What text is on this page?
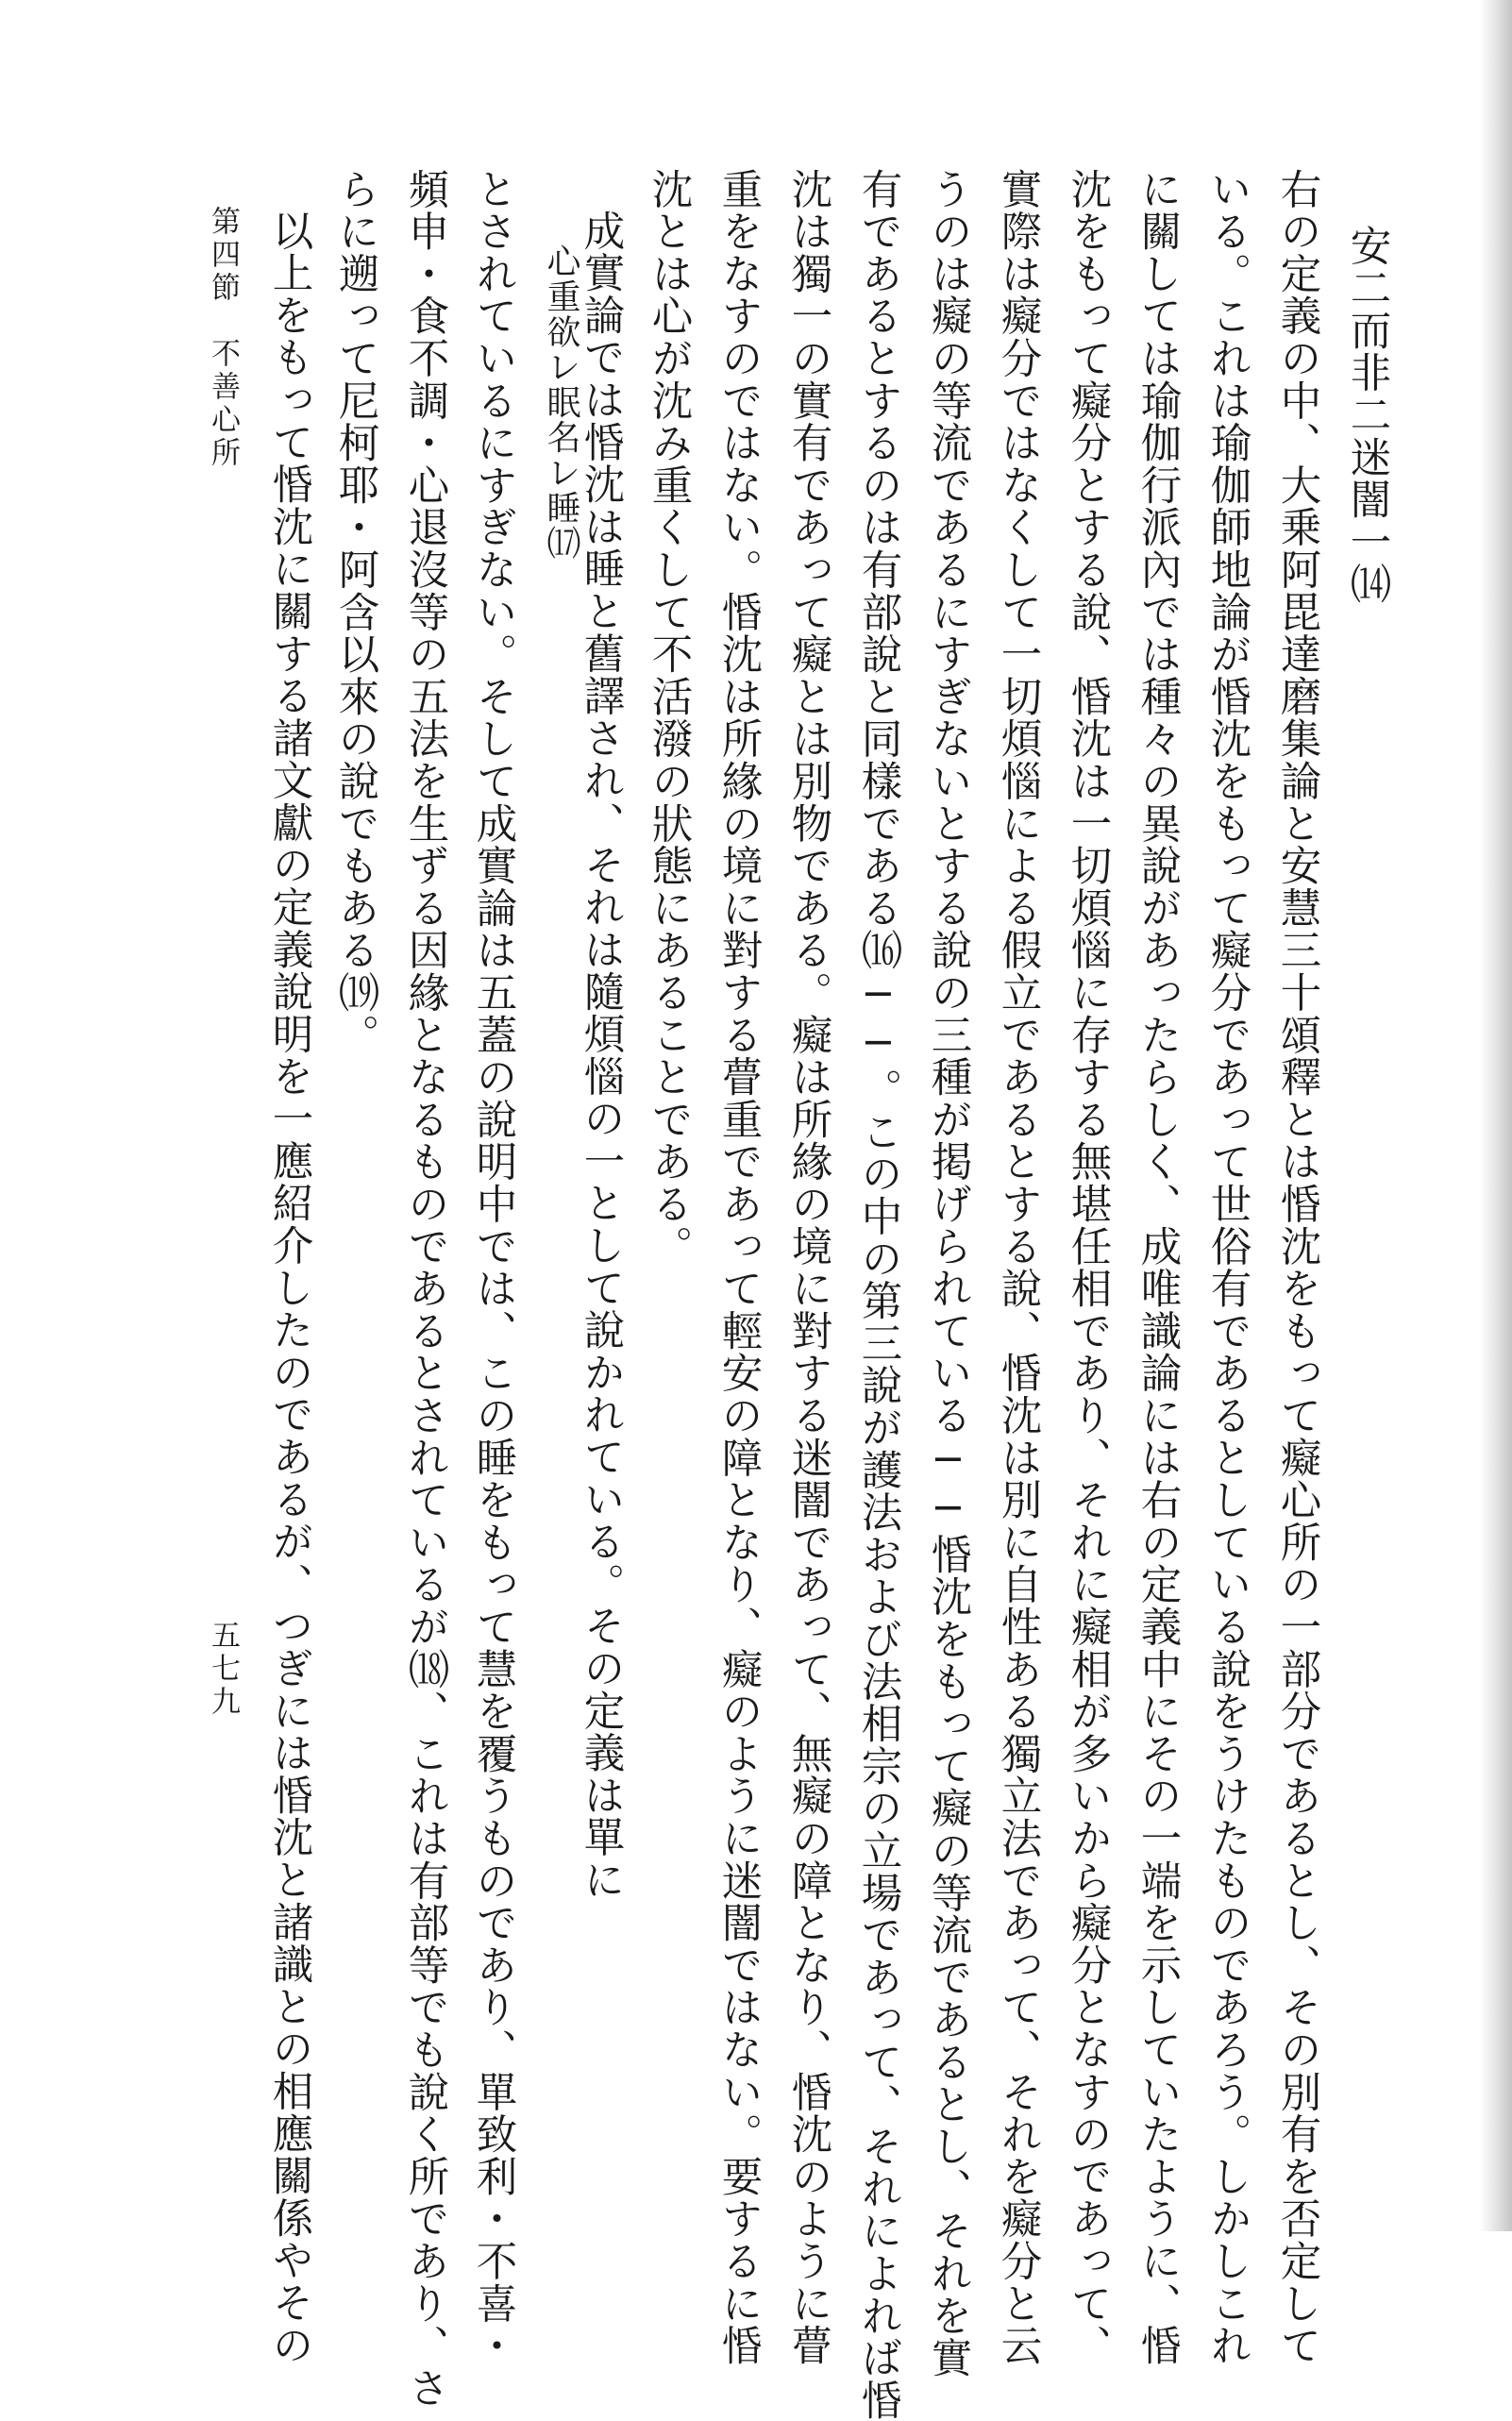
安二而非二迷闇一⒁
右の定義の中、大乗阿毘達磨集論と安慧三十頌釋とは惛沈をもって癡心所の一部分であるとし、その別有を否定して
いる。これは瑜伽師地論が惛沈をもって癡分であって世俗有であるとしている說をうけたものであろう。しかしこれ
に關しては瑜伽行派內では種々の異說があったらしく、成唯識論には右の定義中にその一端を示していたように、惛
沈をもって癡分とする說、惛沈は一切煩惱に存する無堪任相であり、それに癡相が多いから癡分となすのであって、
實際は癡分ではなくして一切煩惱による假立であるとする說、惛沈は別に自性ある獨立法であって、それを癡分と云
うのは癡の等流であるにすぎないとする說の三種が掲げられている──惛沈をもって癡の等流であるとし、それを實
有であるとするのは有部說と同樣である⒃──。この中の第三說が護法および法相宗の立場であって、それによれば惛
沈は獨一の實有であって癡とは別物である。癡は所緣の境に對する迷闇であって、無癡の障となり、惛沈のように瞢
重をなすのではない。惛沈は所緣の境に對する瞢重であって輕安の障となり、癡のように迷闇ではない。要するに惛
沈とは心が沈み重くして不活潑の狀態にあることである。
成實論では惛沈は睡と舊譯され、それは隨煩惱の一として說かれている。その定義は單に
心重欲レ眠名レ睡⒄
とされているにすぎない。そして成實論は五蓋の說明中では、この睡をもって慧を覆うものであり、單致利・不喜・
頻申・食不調・心退沒等の五法を生ずる因緣となるものであるとされているが⒅、これは有部等でも說く所であり、さ
らに遡って尼柯耶・阿含以來の說でもある⒆。
以上をもって惛沈に關する諸文獻の定義說明を一應紹介したのであるが、つぎには惛沈と諸識との相應關係やその
第四節　不善心所
五七九
